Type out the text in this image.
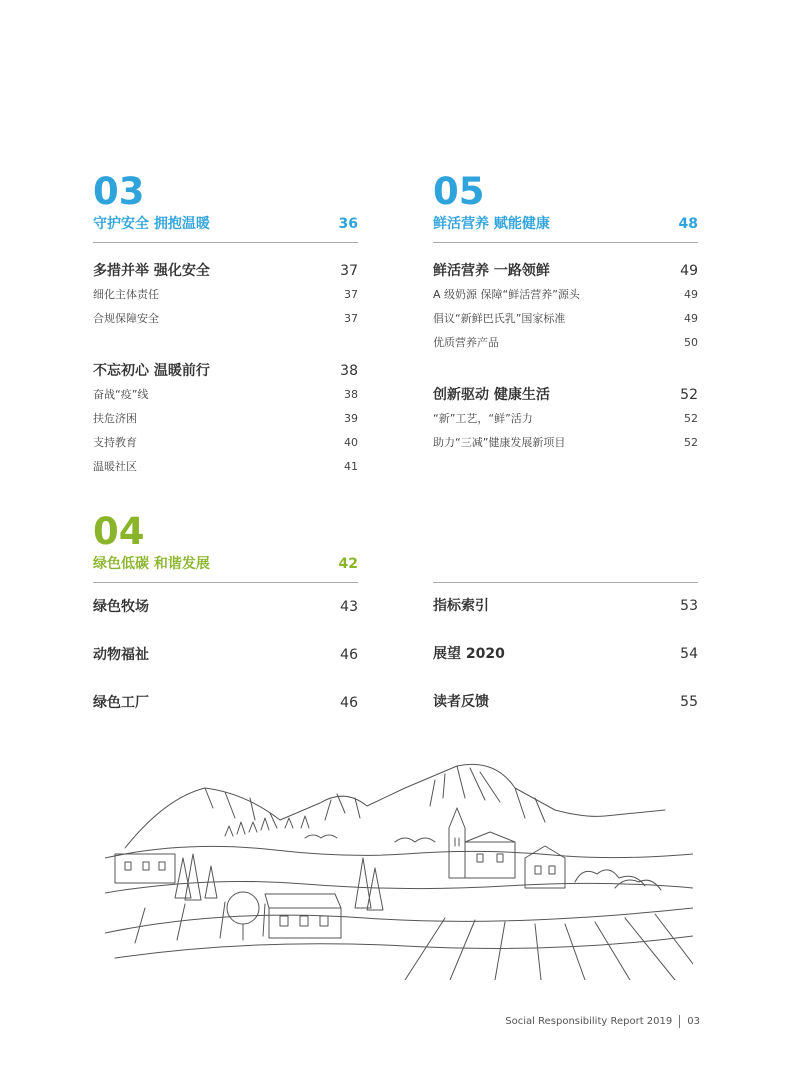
03
守护安全 拥抱温暖	36
多措并举 强化安全	37
细化主体责任	37
合规保障安全	37
不忘初心 温暖前行	38
奋战“疫”线	38
扶危济困	39
支持教育	40
温暖社区	41
05
鲜活营养 赋能健康	48
鲜活营养 一路领鲜	49
A 级奶源 保障“鲜活营养”源头	49
倡议“新鲜巴氏乳”国家标准	49
优质营养产品	50
创新驱动 健康生活	52
“新”工艺，“鲜”活力	52
助力“三减”健康发展新项目	52
04
绿色低碳 和谐发展	42
绿色牧场	43
动物福祉	46
绿色工厂	46
指标索引	53
展望 2020	54
读者反馈	55
Social Responsibility Report 2019 03
